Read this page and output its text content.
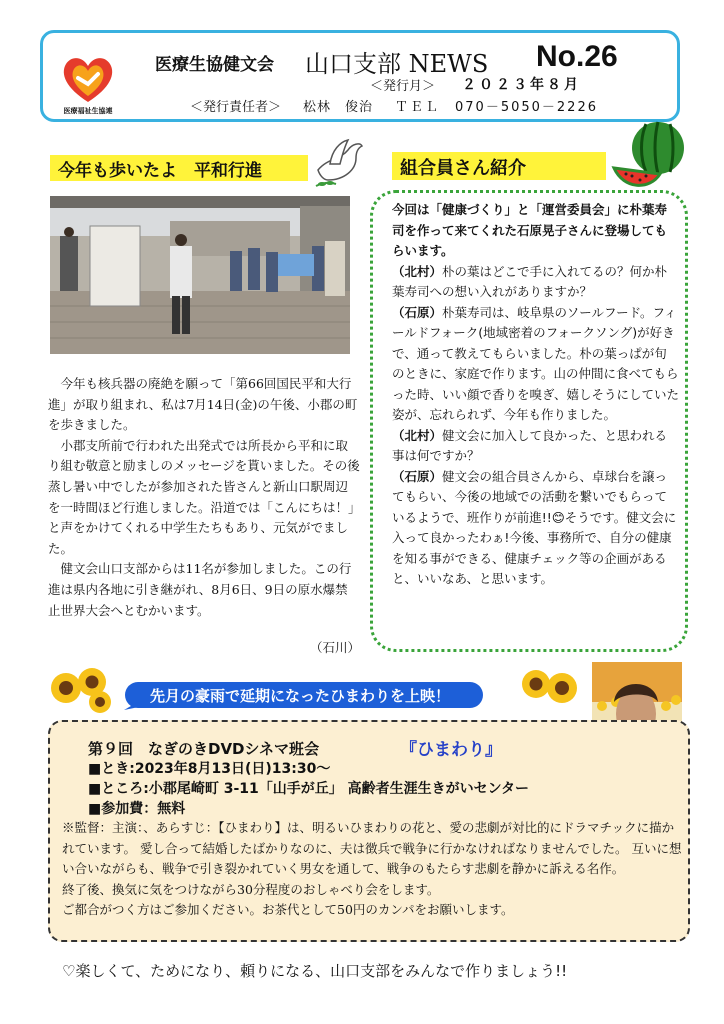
医療福祉生協連
医療生協健文会 山口支部 NEWS No.26
＜発行月＞ ２０２３年８月
＜発行責任者＞ 松林　俊治 ＴＥＬ　070－5050－2226
今年も歩いたよ　平和行進

今年も核兵器の廃絶を願って「第66回国民平和大行進」が取り組まれ、私は7月14日(金)の午後、小郡の町を歩きました。

小郡支所前で行われた出発式では所長から平和に取り組む敬意と励ましのメッセージを貰いました。その後蒸し暑い中でしたが参加された皆さんと新山口駅周辺を一時間ほど行進しました。沿道では「こんにちは！」と声をかけてくれる中学生たちもあり、元気がでました。

健文会山口支部からは11名が参加しました。この行進は県内各地に引き継がれ、8月6日、9日の原水爆禁止世界大会へとむかいます。

（石川）
組合員さん紹介

今回は「健康づくり」と「運営委員会」に朴葉寿司を作って来てくれた石原晃子さんに登場してもらいます。

（北村）朴の葉はどこで手に入れてるの？何か朴葉寿司への想い入れがありますか？

（石原）朴葉寿司は、岐阜県のソールフード。フィールドフォーク(地域密着のフォークソング)が好きで、通って教えてもらいました。朴の葉っぱが旬のときに、家庭で作ります。山の仲間に食べてもらった時、いい顔で香りを嗅ぎ、嬉しそうにしていた姿が、忘れられず、今年も作りました。

（北村）健文会に加入して良かった、と思われる事は何ですか？

（石原）健文会の組合員さんから、卓球台を譲ってもらい、今後の地域での活動を繋いでもらっているようで、班作りが前進!!😊そうです。健文会に入って良かったわぁ!今後、事務所で、自分の健康を知る事ができる、健康チェック等の企画があると、いいなあ、と思います。

先月の豪雨で延期になったひまわりを上映！
第９回　なぎのきDVDシネマ班会	『ひまわり』
■とき:2023年8月13日(日)13:30～
■ところ:小郡尾崎町 3-11「山手が丘」 高齢者生涯生きがいセンター
■参加費：無料

※監督：主演：、あらすじ：【ひまわり】は、明るいひまわりの花と、愛の悲劇が対比的にドラマチックに描かれています。 愛し合って結婚したばかりなのに、夫は徴兵で戦争に行かなければなりませんでした。 互いに想い合いながらも、戦争で引き裂かれていく男女を通して、戦争のもたらす悲劇を静かに訴える名作。

終了後、換気に気をつけながら30分程度のおしゃべり会をします。

ご都合がつく方はご参加ください。お茶代として50円のカンパをお願いします。

♡楽しくて、ためになり、頼りになる、山口支部をみんなで作りましょう!!
